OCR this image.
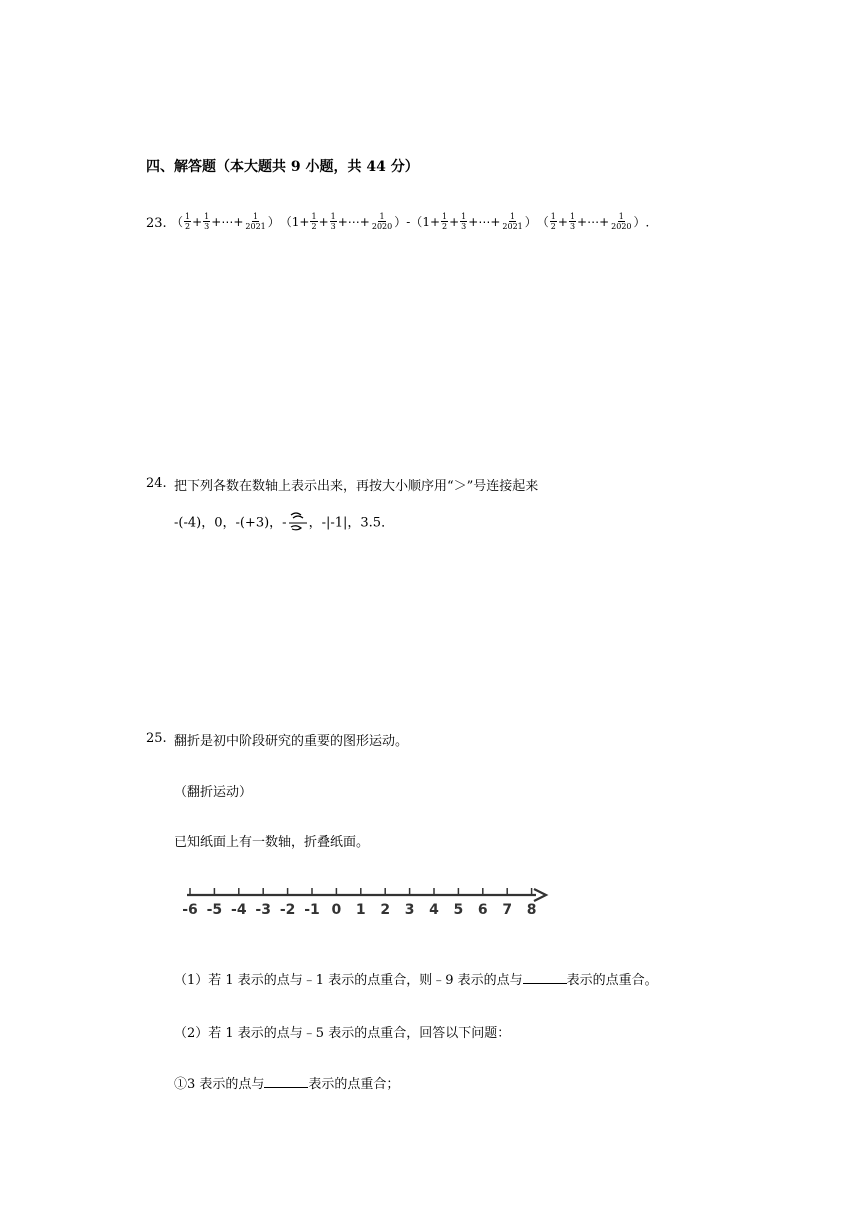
四、解答题（本大题共 9 小题，共 44 分）
23. （ $\frac{1}{2} + \frac{1}{3}$ + ⋯ + $\frac{1}{2021}$ ） （ $1+ \frac{1}{2} + \frac{1}{3}$ + ⋯ + $\frac{1}{2020}$ ） - （ $1+ \frac{1}{2} + \frac{1}{3}$ + ⋯ + $\frac{1}{2021}$ ） （ $\frac{1}{2} + \frac{1}{3}$ + ⋯ + $\frac{1}{2020}$ ） ．
24. 把下列各数在数轴上表示出来，再按大小顺序用“＞”号连接起来
-(-4)，0，-(+3)，- ，-|-1|，3.5．
25. 翻折是初中阶段研究的重要的图形运动。
（翻折运动）
已知纸面上有一数轴，折叠纸面。
-6 -5 -4 -3 -2 -1 0 1 2 3 4 5 6 7 8
（1）若 1 表示的点与﹣1 表示的点重合，则﹣9 表示的点与	表示的点重合。
（2）若 1 表示的点与﹣5 表示的点重合，回答以下问题：
①3 表示的点与	表示的点重合；
